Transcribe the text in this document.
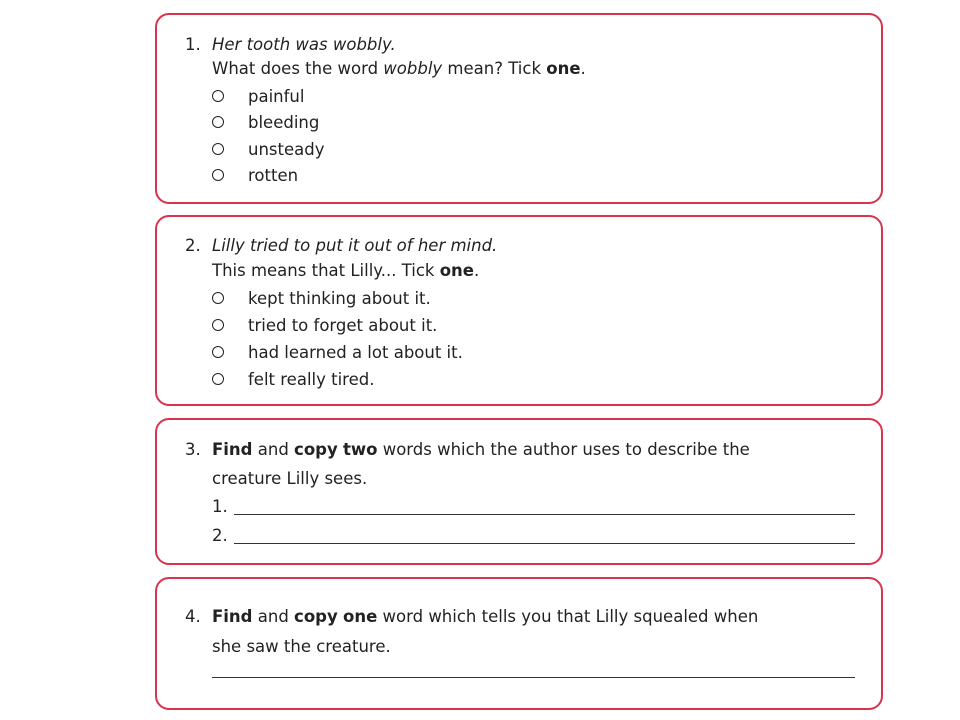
1. Her tooth was wobbly.
What does the word wobbly mean? Tick one.
painful
bleeding
unsteady
rotten
2. Lilly tried to put it out of her mind.
This means that Lilly... Tick one.
kept thinking about it.
tried to forget about it.
had learned a lot about it.
felt really tired.
3. Find and copy two words which the author uses to describe the
creature Lilly sees.
1.
2.
4. Find and copy one word which tells you that Lilly squealed when
she saw the creature.
